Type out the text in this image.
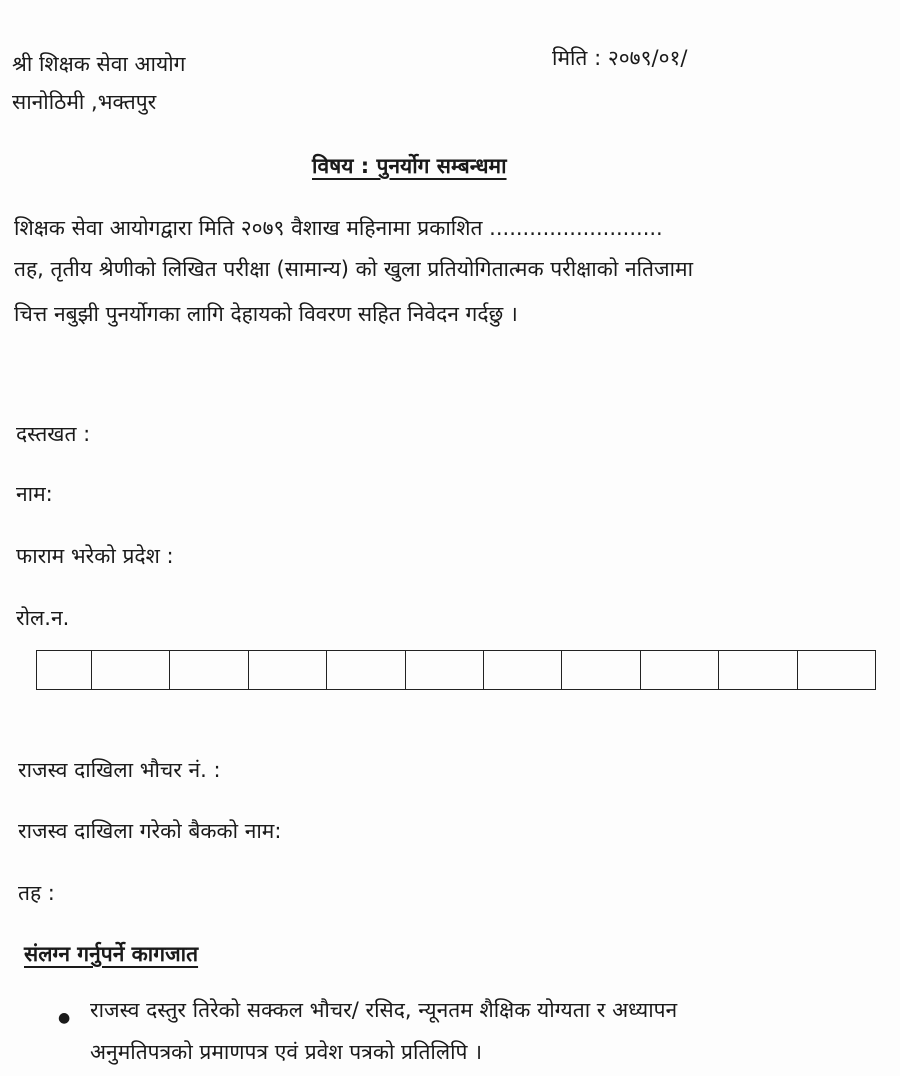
श्री शिक्षक सेवा आयोग
सानोठिमी ,भक्तपुर
मिति : २०७९/०१/
विषय : पुनर्योग सम्बन्धमा
शिक्षक सेवा आयोगद्वारा मिति २०७९ वैशाख महिनामा प्रकाशित ..........................
तह, तृतीय श्रेणीको लिखित परीक्षा (सामान्य) को खुला प्रतियोगितात्मक परीक्षाको नतिजामा
चित्त नबुझी पुनर्योगका लागि देहायको विवरण सहित निवेदन गर्दछु ।
दस्तखत :
नाम:
फाराम भरेको प्रदेश :
रोल.न.
राजस्व दाखिला भौचर नं. :
राजस्व दाखिला गरेको बैकको नाम:
तह :
संलग्न गर्नुपर्ने कागजात
● राजस्व दस्तुर तिरेको सक्कल भौचर/ रसिद, न्यूनतम शैक्षिक योग्यता र अध्यापन
अनुमतिपत्रको प्रमाणपत्र एवं प्रवेश पत्रको प्रतिलिपि ।
